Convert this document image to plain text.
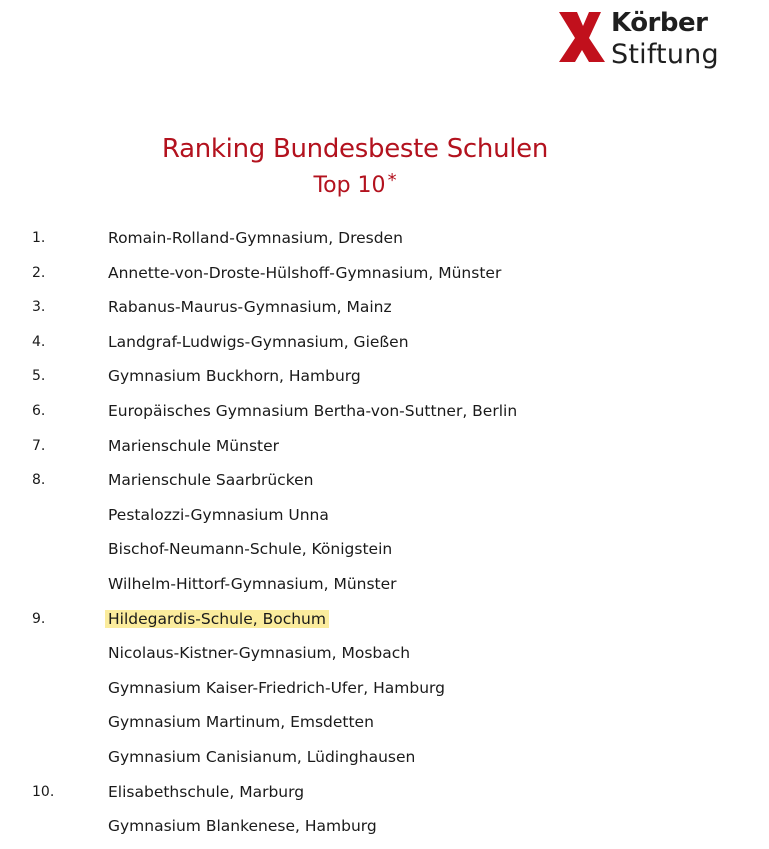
Körber
Stiftung
Ranking Bundesbeste Schulen
Top 10 *
1.	Romain-Rolland-Gymnasium, Dresden
2.	Annette-von-Droste-Hülshoff-Gymnasium, Münster
3.	Rabanus-Maurus-Gymnasium, Mainz
4.	Landgraf-Ludwigs-Gymnasium, Gießen
5.	Gymnasium Buckhorn, Hamburg
6.	Europäisches Gymnasium Bertha-von-Suttner, Berlin
7.	Marienschule Münster
8.	Marienschule Saarbrücken
Pestalozzi-Gymnasium Unna
Bischof-Neumann-Schule, Königstein
Wilhelm-Hittorf-Gymnasium, Münster
9.	Hildegardis-Schule, Bochum
Nicolaus-Kistner-Gymnasium, Mosbach
Gymnasium Kaiser-Friedrich-Ufer, Hamburg
Gymnasium Martinum, Emsdetten
Gymnasium Canisianum, Lüdinghausen
10.	Elisabethschule, Marburg
Gymnasium Blankenese, Hamburg
